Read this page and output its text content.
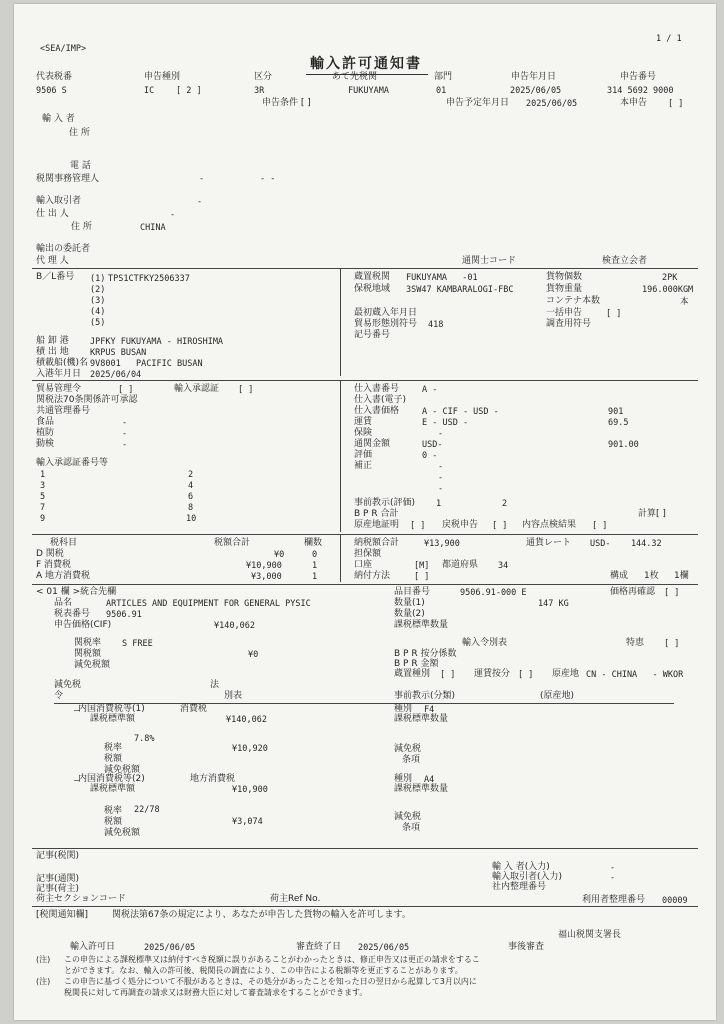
1 / 1
<SEA/IMP>
輸入許可通知書
代表税番	申告種別	区分	あて先税関	部門	申告年月日	申告番号
9506 S	IC	[ 2 ]	3R	FUKUYAMA	01	2025/06/05	314 5692 9000
申告条件 [ ]	申告予定年月日 2025/06/05	本申告 [ ]
輸 入 者
住 所
電 話
税関事務管理人	-	- -
輸入取引者	-
仕 出 人	-
住 所	CHINA
輸出の委託者
代 理 人	通関士コード	検査立会者
B／L番号 (1) TPS1CTFKY2506337
(2)
(3)
(4)
(5)
船 卸 港	JPFKY FUKUYAMA - HIROSHIMA
積 出 地	KRPUS BUSAN
積載船(機)名 9V8001   PACIFIC BUSAN
入港年月日 2025/06/04
蔵置税関 FUKUYAMA   -01
保税地域 3SW47 KAMBARALOGI-FBC
最初蔵入年月日
貿易形態別符号 418
記号番号
貨物個数	2PK
貨物重量	196.000KGM
コンテナ本数	本
一括申告	[ ]
調査用符号
貿易管理令	[ ]	輸入承認証 [ ]
関税法70条関係許可承認
共通管理番号
食品	-
植防	-
動検	-
輸入承認証番号等
1	2
3	4
5	6
7	8
9	10
仕入書番号	A -
仕入書(電子)
仕入書価格	A - CIF - USD -	901
運賃	E - USD -	69.5
保険	-
通関金額	USD-	901.00
評価	0 -
補正	-
-
-
事前教示(評価) 1	2
B P R 合計	計算[ ]
原産地証明 [ ] 戻税申告 [ ] 内容点検結果 [ ]
税科目	税額合計	欄数
D 関税	¥0	0
F 消費税	¥10,900	1
A 地方消費税	¥3,000	1
納税額合計	¥13,900	通貨レート USD-    144.32
担保額
口座	[M] 都道府県 34
納付方法	[ ]	構成 1枚 1欄
< 01 欄 >統合先欄
品名	ARTICLES AND EQUIPMENT FOR GENERAL PYSIC
税表番号 9506.91
申告価格(CIF)	¥140,062
品目番号	9506.91-000 E	価格再確認 [ ]
数量(1)	147 KG
数量(2)
課税標準数量
関税率 S FREE
関税額	¥0
減免税額
輸入令別表	特恵 [ ]
B P R 按分係数
B P R 金額
蔵置種別 [ ] 運賃按分 [ ] 原産地 CN - CHINA   - WKOR
減免税	法
令	別表	事前教示(分類)	(原産地)
内国消費税等(1)	消費税
課税標準額	¥140,062
税率
7.8%
税額
¥10,920
減免税額
種別 F4
課税標準数量
減免税
条項
内国消費税等(2)	地方消費税
課税標準額	¥10,900
税率 22/78
税額	¥3,074
減免税額
種別 A4
課税標準数量
減免税
条項
記事(税関)
記事(通関)
記事(荷主)
荷主セクションコード	荷主Ref No.
輸 入 者(入力)	-
輸入取引者(入力)	-
社内整理番号
利用者整理番号 00009
[税関通知欄]	関税法第67条の規定により、あなたが申告した貨物の輸入を許可します。
福山税関支署長
輸入許可日	2025/06/05	審査終了日 2025/06/05	事後審査
(注) この申告による課税標準又は納付すべき税額に誤りがあることがわかったときは、修正申告又は更正の請求をするこ
とができます。なお、輸入の許可後、税関長の調査により、この申告による税額等を更正することがあります。
(注) この申告に基づく処分について不服があるときは、その処分があったことを知った日の翌日から起算して3月以内に
税関長に対して再調査の請求又は財務大臣に対して審査請求をすることができます。
